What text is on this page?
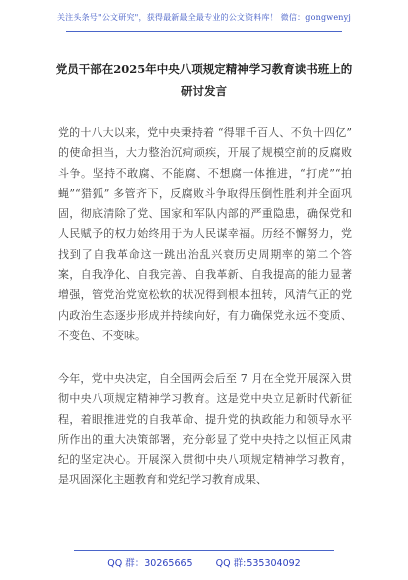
关注头条号"公文研究"，获得最新最全最专业的公文资料库！ 微信：gongwenyj
党员干部在2025年中央八项规定精神学习教育读书班上的
研讨发言

党的十八大以来，党中央秉持着 “得罪千百人、不负十四亿” 的使命担当，大力整治沉疴顽疾，开展了规模空前的反腐败斗争。坚持不敢腐、不能腐、不想腐一体推进，“打虎”“拍蝇”“猎狐” 多管齐下，反腐败斗争取得压倒性胜利并全面巩固，彻底清除了党、国家和军队内部的严重隐患，确保党和人民赋予的权力始终用于为人民谋幸福。历经不懈努力，党找到了自我革命这一跳出治乱兴衰历史周期率的第二个答案，自我净化、自我完善、自我革新、自我提高的能力显著增强，管党治党宽松软的状况得到根本扭转，风清气正的党内政治生态逐步形成并持续向好，有力确保党永远不变质、不变色、不变味。

今年，党中央决定，自全国两会后至 7 月在全党开展深入贯彻中央八项规定精神学习教育。这是党中央立足新时代新征程，着眼推进党的自我革命、提升党的执政能力和领导水平所作出的重大决策部署，充分彰显了党中央持之以恒正风肃纪的坚定决心。开展深入贯彻中央八项规定精神学习教育，是巩固深化主题教育和党纪学习教育成果、

QQ 群：30265665 QQ 群:535304092
